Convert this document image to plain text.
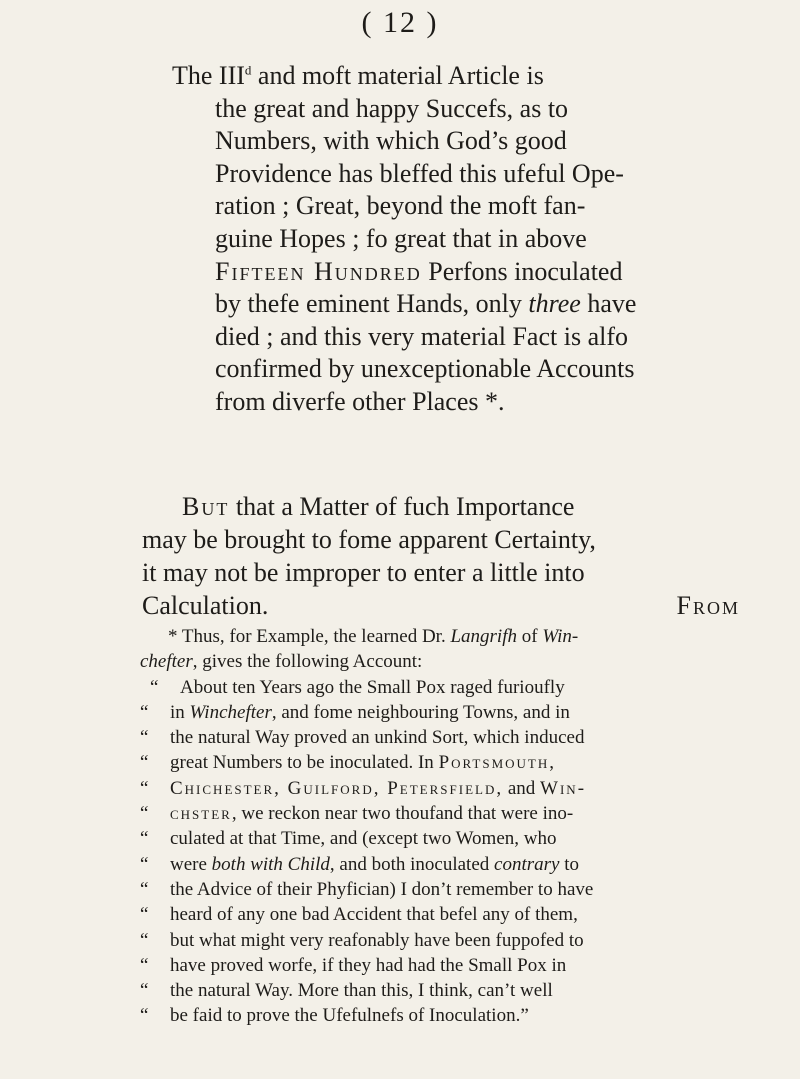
( 12 )
The III$^d$ and moft material Article is
the great and happy Succefs, as to
Numbers, with which God’s good
Providence has bleffed this ufeful Ope-
ration ; Great, beyond the moft fan-
guine Hopes ; fo great that in above
Fifteen Hundred Perfons inoculated
by thefe eminent Hands, only three have
died ; and this very material Fact is alfo
confirmed by unexceptionable Accounts
from diverfe other Places *.
But that a Matter of fuch Importance
may be brought to fome apparent Certainty,
it may not be improper to enter a little into
Calculation.	From
* Thus, for Example, the learned Dr. Langrifh of Win-
chefter, gives the following Account:
“ About ten Years ago the Small Pox raged furioufly
“ in Winchefter, and fome neighbouring Towns, and in
“ the natural Way proved an unkind Sort, which induced
“ great Numbers to be inoculated. In Portsmouth,
“ Chichester, Guilford, Petersfield, and Win-
“ chster, we reckon near two thoufand that were ino-
“ culated at that Time, and (except two Women, who
“ were both with Child, and both inoculated contrary to
“ the Advice of their Phyfician) I don’t remember to have
“ heard of any one bad Accident that befel any of them,
“ but what might very reafonably have been fuppofed to
“ have proved worfe, if they had had the Small Pox in
“ the natural Way. More than this, I think, can’t well
“ be faid to prove the Ufefulnefs of Inoculation.”
